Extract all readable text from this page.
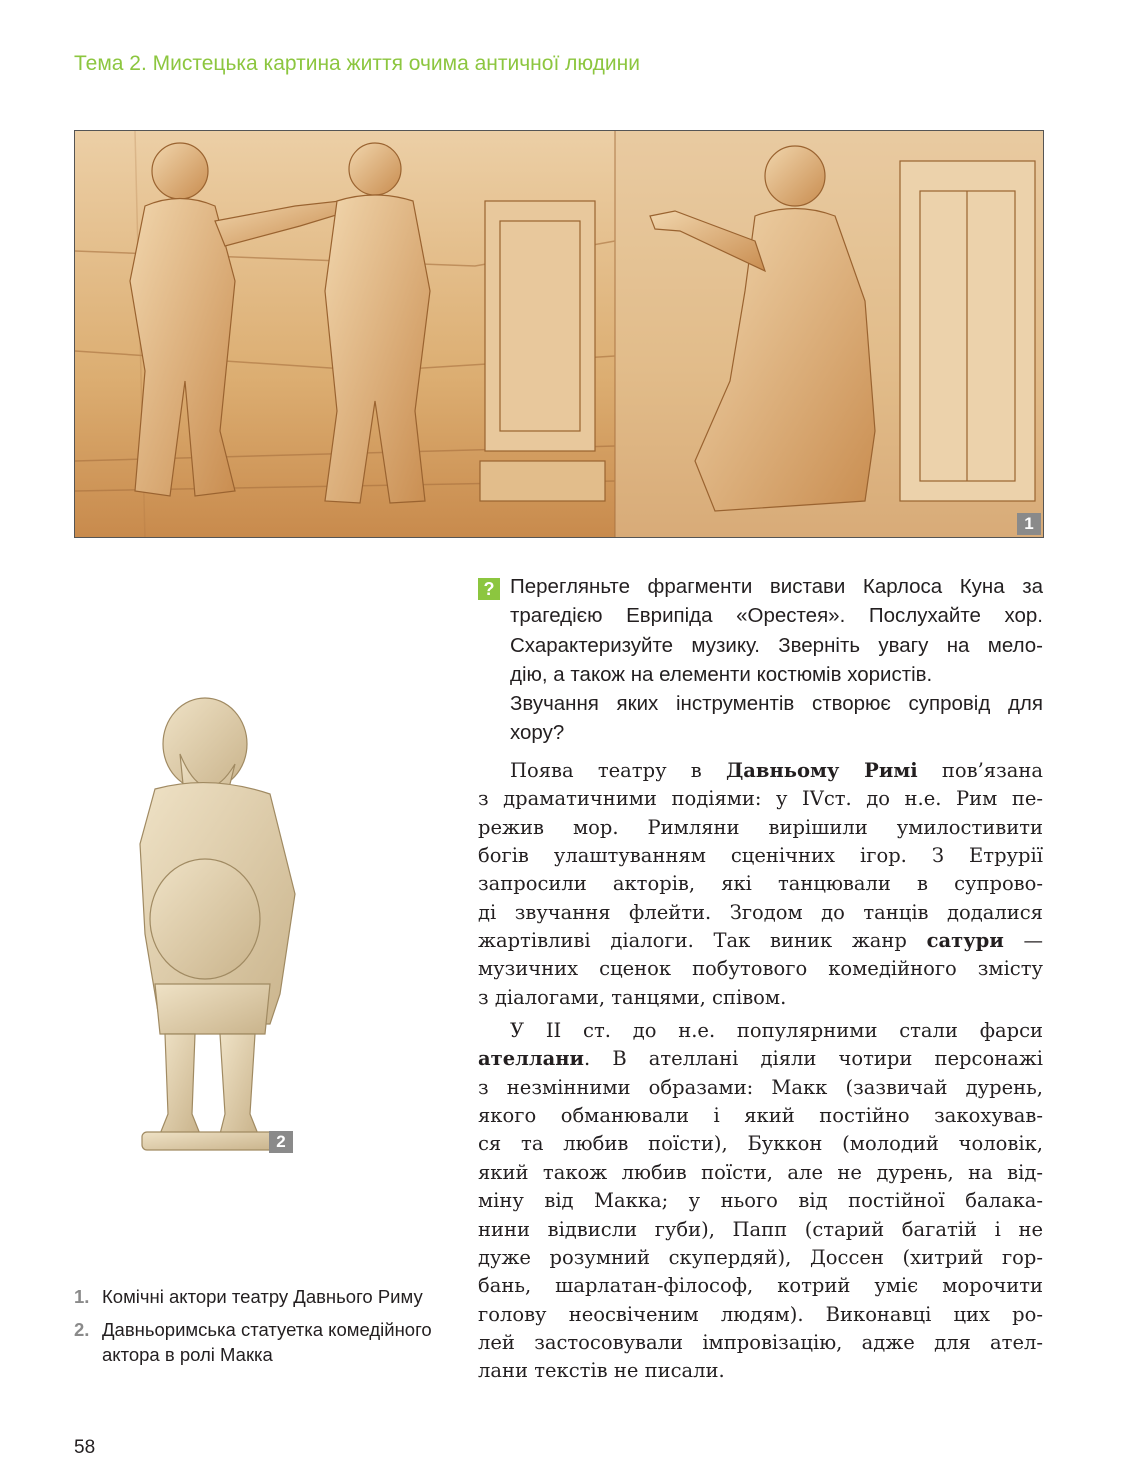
Тема 2. Мистецька картина життя очима античної людини
1
2
? Перегляньте фрагменти вистави Карлоса Куна за
трагедією Еврипіда «Орестея». Послухайте хор.
Схарактеризуйте музику. Зверніть увагу на мело-
дію, а також на елементи костюмів хористів.
Звучання яких інструментів створює супровід для
хору?
Поява театру в Давньому Римі пов’язана
з драматичними подіями: у IVст. до н.е. Рим пе-
режив мор. Римляни вирішили умилостивити
богів улаштуванням сценічних ігор. З Етрурії
запросили акторів, які танцювали в супрово-
ді звучання флейти. Згодом до танців додалися
жартівливі діалоги. Так виник жанр сатури —
музичних сценок побутового комедійного змісту
з діалогами, танцями, співом.
У II ст. до н.е. популярними стали фарси
ателлани. В ателлані діяли чотири персонажі
з незмінними образами: Макк (зазвичай дурень,
якого обманювали і який постійно закохував-
ся та любив поїсти), Буккон (молодий чоловік,
який також любив поїсти, але не дурень, на від-
міну від Макка; у нього від постійної балака-
нини відвисли губи), Папп (старий багатій і не
дуже розумний скупердяй), Доссен (хитрий гор-
бань, шарлатан-філософ, котрий уміє морочити
голову неосвіченим людям). Виконавці цих ро-
лей застосовували імпровізацію, адже для ател-
лани текстів не писали.
1. Комічні актори театру Давнього Риму
2. Давньоримська статуетка комедійного актора в ролі Макка
58
